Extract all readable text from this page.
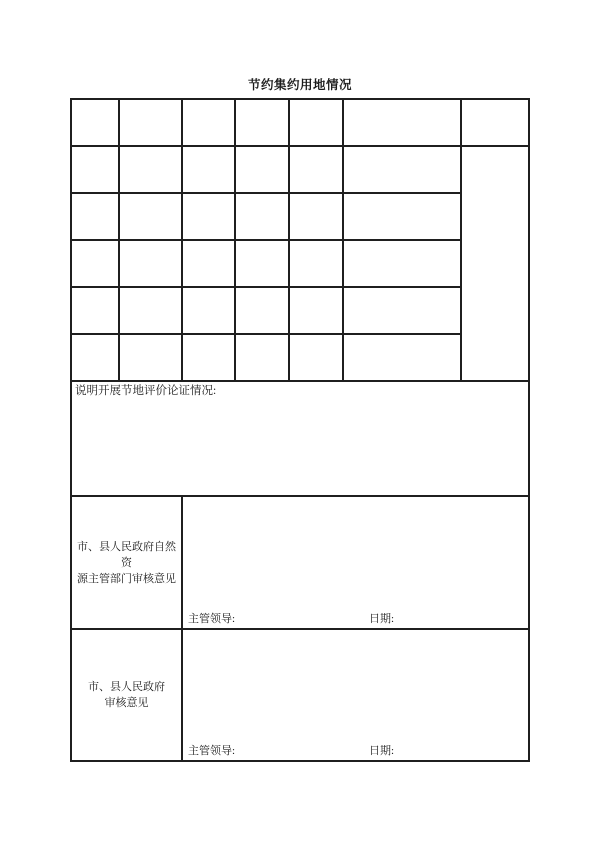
节约集约用地情况

说明开展节地评价论证情况:						

市、县人民政府自然资
源主管部门审核意见		主管领导: 日期:				

市、县人民政府
审核意见		主管领导: 日期:				
